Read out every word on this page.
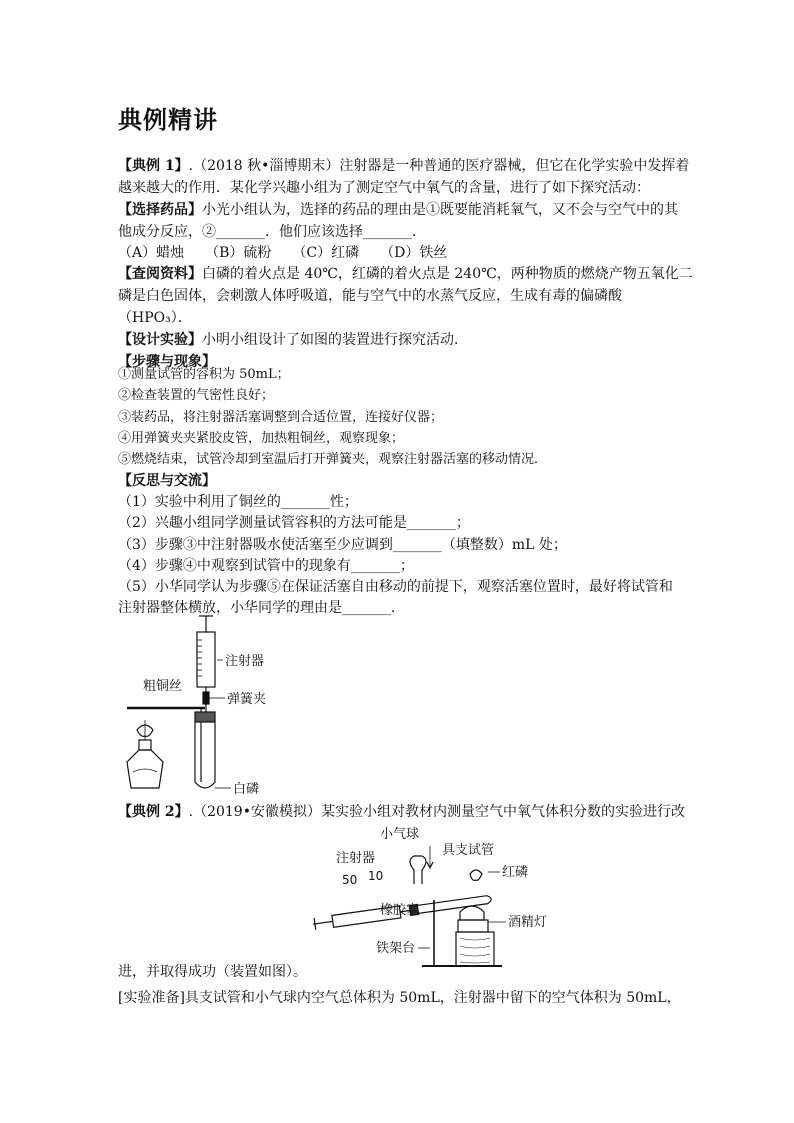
典例精讲
【典例 1】.（2018 秋•淄博期末）注射器是一种普通的医疗器械，但它在化学实验中发挥着
越来越大的作用．某化学兴趣小组为了测定空气中氧气的含量，进行了如下探究活动：
【选择药品】小光小组认为，选择的药品的理由是①既要能消耗氧气，又不会与空气中的其
他成分反应，②_______．他们应该选择_______．
（A）蜡烛　　（B）硫粉　　（C）红磷　　（D）铁丝
【查阅资料】白磷的着火点是 40℃，红磷的着火点是 240℃，两种物质的燃烧产物五氧化二
磷是白色固体，会刺激人体呼吸道，能与空气中的水蒸气反应，生成有毒的偏磷酸
（HPO₃）．
【设计实验】小明小组设计了如图的装置进行探究活动．
【步骤与现象】
①测量试管的容积为 50mL；
②检查装置的气密性良好；
③装药品，将注射器活塞调整到合适位置，连接好仪器；
④用弹簧夹夹紧胶皮管，加热粗铜丝，观察现象；
⑤燃烧结束，试管冷却到室温后打开弹簧夹，观察注射器活塞的移动情况．
【反思与交流】
（1）实验中利用了铜丝的_______性；
（2）兴趣小组同学测量试管容积的方法可能是_______；
（3）步骤③中注射器吸水使活塞至少应调到_______（填整数）mL 处；
（4）步骤④中观察到试管中的现象有_______；
（5）小华同学认为步骤⑤在保证活塞自由移动的前提下，观察活塞位置时，最好将试管和
注射器整体横放，小华同学的理由是_______．
注射器
粗铜丝
弹簧夹
白磷
【典例 2】.（2019•安徽模拟）某实验小组对教材内测量空气中氧气体积分数的实验进行改
小气球
具支试管
注射器
50 10	红磷
橡胶塞
酒精灯
铁架台
进，并取得成功（装置如图）。
[实验准备]具支试管和小气球内空气总体积为 50mL，注射器中留下的空气体积为 50mL，
